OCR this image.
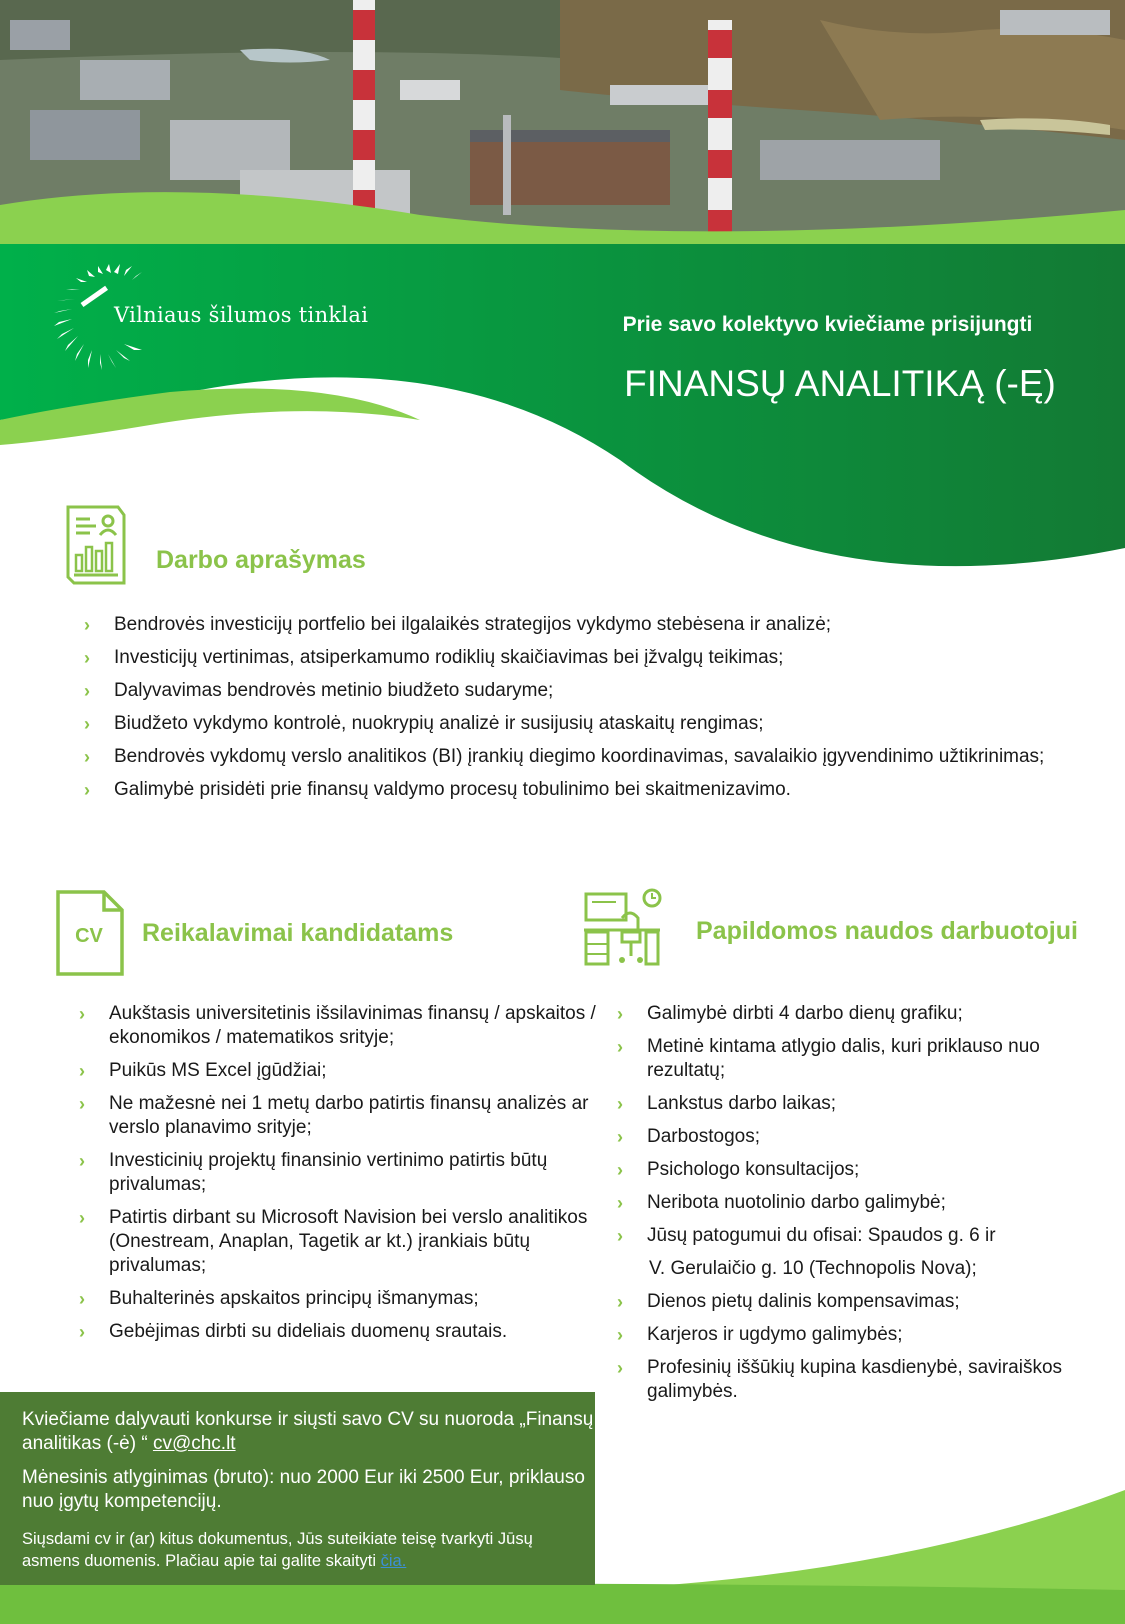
Vilniaus šilumos tinklai	Prie savo kolektyvo kviečiame prisijungti
FINANSŲ ANALITIKĄ (-Ę)
Darbo aprašymas
› Bendrovės investicijų portfelio bei ilgalaikės strategijos vykdymo stebėsena ir analizė;
› Investicijų vertinimas, atsiperkamumo rodiklių skaičiavimas bei įžvalgų teikimas;
› Dalyvavimas bendrovės metinio biudžeto sudaryme;
› Biudžeto vykdymo kontrolė, nuokrypių analizė ir susijusių ataskaitų rengimas;
› Bendrovės vykdomų verslo analitikos (BI) įrankių diegimo koordinavimas, savalaikio įgyvendinimo užtikrinimas;
› Galimybė prisidėti prie finansų valdymo procesų tobulinimo bei skaitmenizavimo.
CV Reikalavimai kandidatams
› Aukštasis universitetinis išsilavinimas finansų / apskaitos / ekonomikos / matematikos srityje;
› Puikūs MS Excel įgūdžiai;
› Ne mažesnė nei 1 metų darbo patirtis finansų analizės ar verslo planavimo srityje;
› Investicinių projektų finansinio vertinimo patirtis būtų privalumas;
› Patirtis dirbant su Microsoft Navision bei verslo analitikos (Onestream, Anaplan, Tagetik ar kt.) įrankiais būtų privalumas;
› Buhalterinės apskaitos principų išmanymas;
› Gebėjimas dirbti su dideliais duomenų srautais.
Papildomos naudos darbuotojui
› Galimybė dirbti 4 darbo dienų grafiku;
› Metinė kintama atlygio dalis, kuri priklauso nuo rezultatų;
› Lankstus darbo laikas;
› Darbostogos;
› Psichologo konsultacijos;
› Neribota nuotolinio darbo galimybė;
› Jūsų patogumui du ofisai: Spaudos g. 6 ir
V. Gerulaičio g. 10 (Technopolis Nova);
› Dienos pietų dalinis kompensavimas;
› Karjeros ir ugdymo galimybės;
› Profesinių iššūkių kupina kasdienybė, saviraiškos galimybės.

Kviečiame dalyvauti konkurse ir siųsti savo CV su nuoroda „Finansų analitikas (-ė) “ cv@chc.lt

Mėnesinis atlyginimas (bruto): nuo 2000 Eur iki 2500 Eur, priklauso nuo įgytų kompetencijų.

Siųsdami cv ir (ar) kitus dokumentus, Jūs suteikiate teisę tvarkyti Jūsų asmens duomenis. Plačiau apie tai galite skaityti čia.
